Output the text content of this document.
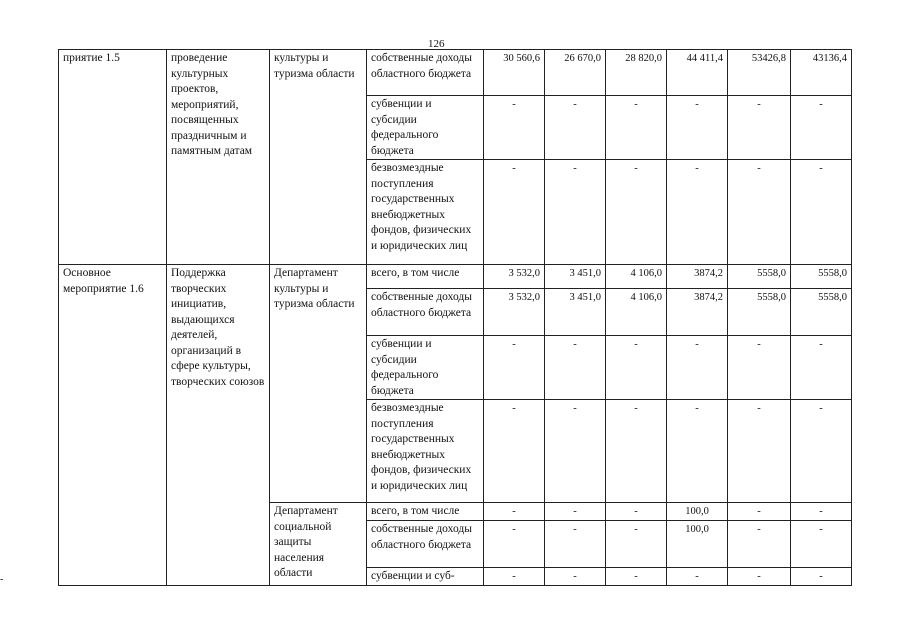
126
-
приятие 1.5	проведение культурных проектов, мероприятий, посвященных праздничным и памятным датам	культуры и туризма области	собственные доходы областного бюджета	30 560,6	26 670,0	28 820,0	44 411,4	53426,8	43136,4
			субвенции и субсидии федерального бюджета	-	-	-	-	-	-
			безвозмездные поступления государственных внебюджетных фондов, физических и юридических лиц	-	-	-	-	-	-
Основное мероприятие 1.6	Поддержка творческих инициатив, выдающихся деятелей, организаций в сфере культуры, творческих союзов	Департамент культуры и туризма области	всего, в том числе	3 532,0	3 451,0	4 106,0	3874,2	5558,0	5558,0
			собственные доходы областного бюджета	3 532,0	3 451,0	4 106,0	3874,2	5558,0	5558,0
			субвенции и субсидии федерального бюджета	-	-	-	-	-	-
			безвозмездные поступления государственных внебюджетных фондов, физических и юридических лиц	-	-	-	-	-	-
		Департамент социальной защиты населения области	всего, в том числе	-	-	-	100,0	-	-
			собственные доходы областного бюджета	-	-	-	100,0	-	-
			субвенции и суб-	-	-	-	-	-	-
